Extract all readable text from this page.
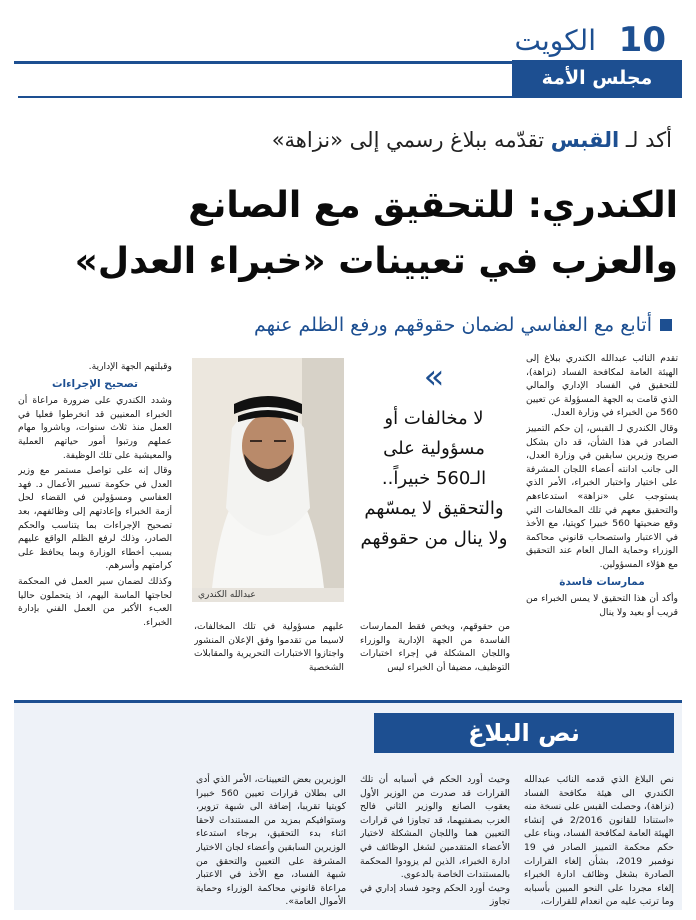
10
الكويت
مجلس الأمة
أكد لـ القبس تقدّمه ببلاغ رسمي إلى «نزاهة»
الكندري: للتحقيق مع الصانع
والعزب في تعيينات «خبراء العدل»
أتابع مع العفاسي لضمان حقوقهم ورفع الظلم عنهم

تقدم النائب عبدالله الكندري ببلاغ إلى الهيئة العامة لمكافحة الفساد (نزاهة)، للتحقيق في الفساد الإداري والمالي الذي قامت به الجهة المسؤولة عن تعيين 560 من الخبراء في وزارة العدل.

وقال الكندري لـ القبس، إن حكم التمييز الصادر في هذا الشأن، قد دان بشكل صريح وزيرين سابقين في وزارة العدل، الى جانب ادانته أعضاء اللجان المشرفة على اختيار واختبار الخبراء، الأمر الذي يستوجب على «نزاهة» استدعاءهم والتحقيق معهم في تلك المخالفات التي وقع ضحيتها 560 خبيرا كويتيا، مع الأخذ في الاعتبار واستصحاب قانوني محاكمة الوزراء وحماية المال العام عند التحقيق مع هؤلاء المسؤولين.

ممارسات فاسدة

وأكد أن هذا التحقيق لا يمس الخبراء من قريب أو بعيد ولا ينال

»
لا مخالفات أو مسؤولية على الـ560 خبيراً.. والتحقيق لا يمسّهم ولا ينال من حقوقهم

من حقوقهم، ويخص فقط الممارسات الفاسدة من الجهة الإدارية والوزراء واللجان المشكلة في إجراء اختبارات التوظيف، مضيفا أن الخبراء ليس

عبدالله الكندري

عليهم مسؤولية في تلك المخالفات، لاسيما من تقدموا وفق الإعلان المنشور واجتازوا الاختبارات التحريرية والمقابلات الشخصية

وقبلتهم الجهة الإدارية.

تصحيح الإجراءات

وشدد الكندري على ضرورة مراعاة أن الخبراء المعنيين قد انخرطوا فعليا في العمل منذ ثلاث سنوات، وباشروا مهام عملهم ورتبوا أمور حياتهم العملية والمعيشية على تلك الوظيفة.

وقال إنه على تواصل مستمر مع وزير العدل في حكومة تسيير الأعمال د. فهد العفاسي ومسؤولين في القضاء لحل أزمة الخبراء وإعادتهم إلى وظائفهم، بعد تصحيح الإجراءات بما يتناسب والحكم الصادر، وذلك لرفع الظلم الواقع عليهم بسبب أخطاء الوزارة وبما يحافظ على كرامتهم وأسرهم.

وكذلك لضمان سير العمل في المحكمة لحاجتها الماسة اليهم، اذ يتحملون حاليا العبء الأكبر من العمل الفني بإدارة الخبراء.

نص البلاغ
نص البلاغ الذي قدمه النائب عبدالله الكندري الى هيئة مكافحة الفساد (نزاهة)، وحصلت القبس على نسخة منه «استنادا للقانون 2/2016 في إنشاء الهيئة العامة لمكافحة الفساد، وبناء على حكم محكمة التمييز الصادر في 19 نوفمبر 2019، بشأن إلغاء القرارات الصادرة بشغل وظائف ادارة الخبراء إلغاء مجردا على النحو المبين بأسبابه وما ترتب عليه من انعدام للقرارات،

وحيث أورد الحكم في أسبابه أن تلك القرارات قد صدرت من الوزير الأول يعقوب الصانع والوزير الثاني فالح العزب بصفتيهما، قد تجاوزا في قرارات التعيين هما واللجان المشكلة لاختيار الأعضاء المتقدمين لشغل الوظائف في ادارة الخبراء، الذين لم يزودوا المحكمة بالمستندات الخاصة بالدعوى.

وحيث أورد الحكم وجود فساد إداري في تجاوز

الوزيرين بعض التعيينات، الأمر الذي أدى الى بطلان قرارات تعيين 560 خبيرا كويتيا تقريبا، إضافة الى شبهة تزوير، وستوافيكم بمزيد من المستندات لاحقا اثناء بدء التحقيق، برجاء استدعاء الوزيرين السابقين وأعضاء لجان الاختيار المشرفة على التعيين والتحقق من شبهة الفساد، مع الأخذ في الاعتبار مراعاة قانوني محاكمة الوزراء وحماية الأموال العامة».
